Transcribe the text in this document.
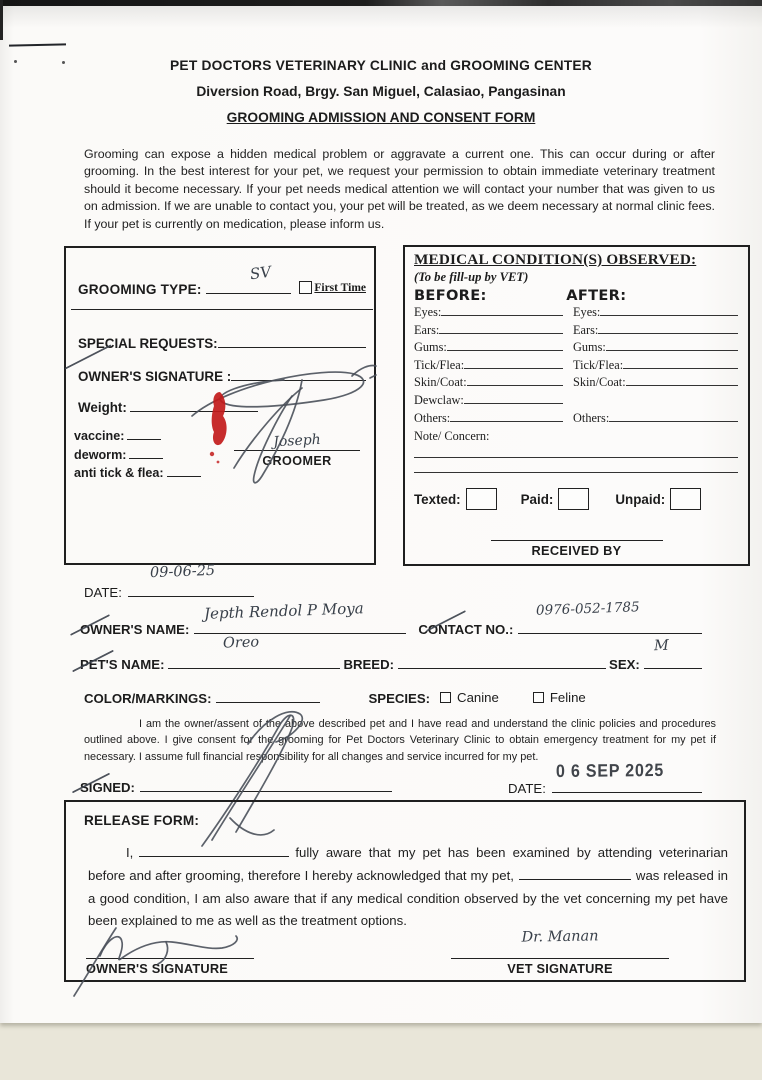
PET DOCTORS VETERINARY CLINIC and GROOMING CENTER
Diversion Road, Brgy. San Miguel, Calasiao, Pangasinan
GROOMING ADMISSION AND CONSENT FORM
Grooming can expose a hidden medical problem or aggravate a current one. This can occur during or after grooming. In the best interest for your pet, we request your permission to obtain immediate veterinary treatment should it become necessary. If your pet needs medical attention we will contact your number that was given to us on admission. If we are unable to contact you, your pet will be treated, as we deem necessary at normal clinic fees. If your pet is currently on medication, please inform us.
GROOMING TYPE:
SV
First Time
SPECIAL REQUESTS:
OWNER'S SIGNATURE :
Weight:
vaccine:
deworm:
anti tick & flea:
Joseph
GROOMER
MEDICAL CONDITION(S) OBSERVED:
(To be fill-up by VET)
BEFORE:	AFTER:
Eyes:	Eyes:
Ears:	Ears:
Gums:	Gums:
Tick/Flea:	Tick/Flea:
Skin/Coat:	Skin/Coat:
Dewclaw:
Others:	Others:
Note/ Concern:
Texted:	Paid:	Unpaid:
RECEIVED BY
DATE:
09-06-25
OWNER'S NAME:
Jepth Rendol P Moya
CONTACT NO.:
0976-052-1785
PET'S NAME:
Oreo
BREED:	SEX:
M
COLOR/MARKINGS:	SPECIES: Canine	Feline
I am the owner/assent of the above described pet and I have read and understand the clinic policies and procedures outlined above. I give consent for the grooming for Pet Doctors Veterinary Clinic to obtain emergency treatment for my pet if necessary. I assume full financial responsibility for all changes and service incurred for my pet.
SIGNED:	DATE:
0 6 SEP 2025
RELEASE FORM:
I,	fully aware that my pet has been examined by attending veterinarian before and after grooming, therefore I hereby acknowledged that my pet,	was released in a good condition, I am also aware that if any medical condition observed by the vet concerning my pet have been explained to me as well as the treatment options.
OWNER'S SIGNATURE
Dr. Manan
VET SIGNATURE
